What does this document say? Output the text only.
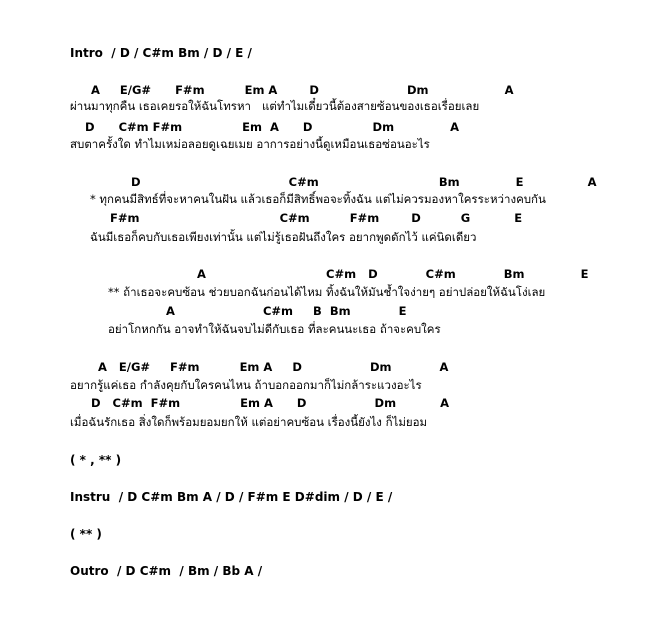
Intro  / D / C#m Bm / D / E /
A     E/G#      F#m          Em A        D                      Dm                   A
ผ่านมาทุกคืน เธอเคยรอให้ฉันโทรหา   แต่ทำไมเดี๋ยวนี้ต้องสายซ้อนของเธอเรื่อยเลย
D      C#m F#m               Em  A      D               Dm              A
สบตาครั้งใด ทำไมเหม่อลอยดูเฉยเมย อาการอย่างนี้ดูเหมือนเธอซ่อนอะไร
D                                     C#m                              Bm              E                A
* ทุกคนมีสิทธ์ที่จะหาคนในฝัน แล้วเธอก็มีสิทธิ์พอจะทิ้งฉัน แต่ไม่ควรมองหาใครระหว่างคบกัน
F#m                                   C#m          F#m        D          G           E
ฉันมีเธอก็คบกับเธอเพียงเท่านั้น แต่ไม่รู้เธอฝันถึงใคร อยากพูดดักไว้ แค่นิดเดียว
A                              C#m   D            C#m            Bm              E
** ถ้าเธอจะคบซ้อน ช่วยบอกฉันก่อนได้ไหม ทิ้งฉันให้มันช้ำใจง่ายๆ อย่าปล่อยให้ฉันโง่เลย
A                      C#m     B  Bm            E
อย่าโกหกกัน อาจทำให้ฉันจบไม่ดีกับเธอ ที่ละคนนะเธอ ถ้าจะคบใคร
A   E/G#     F#m          Em A     D                 Dm            A
อยากรู้แค่เธอ กำลังคุยกับใครคนไหน ถ้าบอกออกมาก็ไม่กล้าระแวงอะไร
D   C#m  F#m               Em A      D                 Dm           A
เมื่อฉันรักเธอ สิ่งใดก็พร้อมยอมยกให้ แต่อย่าคบซ้อน เรื่องนี้ยังไง ก็ไม่ยอม
( * , ** )
Instru  / D C#m Bm A / D / F#m E D#dim / D / E /
( ** )
Outro  / D C#m  / Bm / Bb A /
